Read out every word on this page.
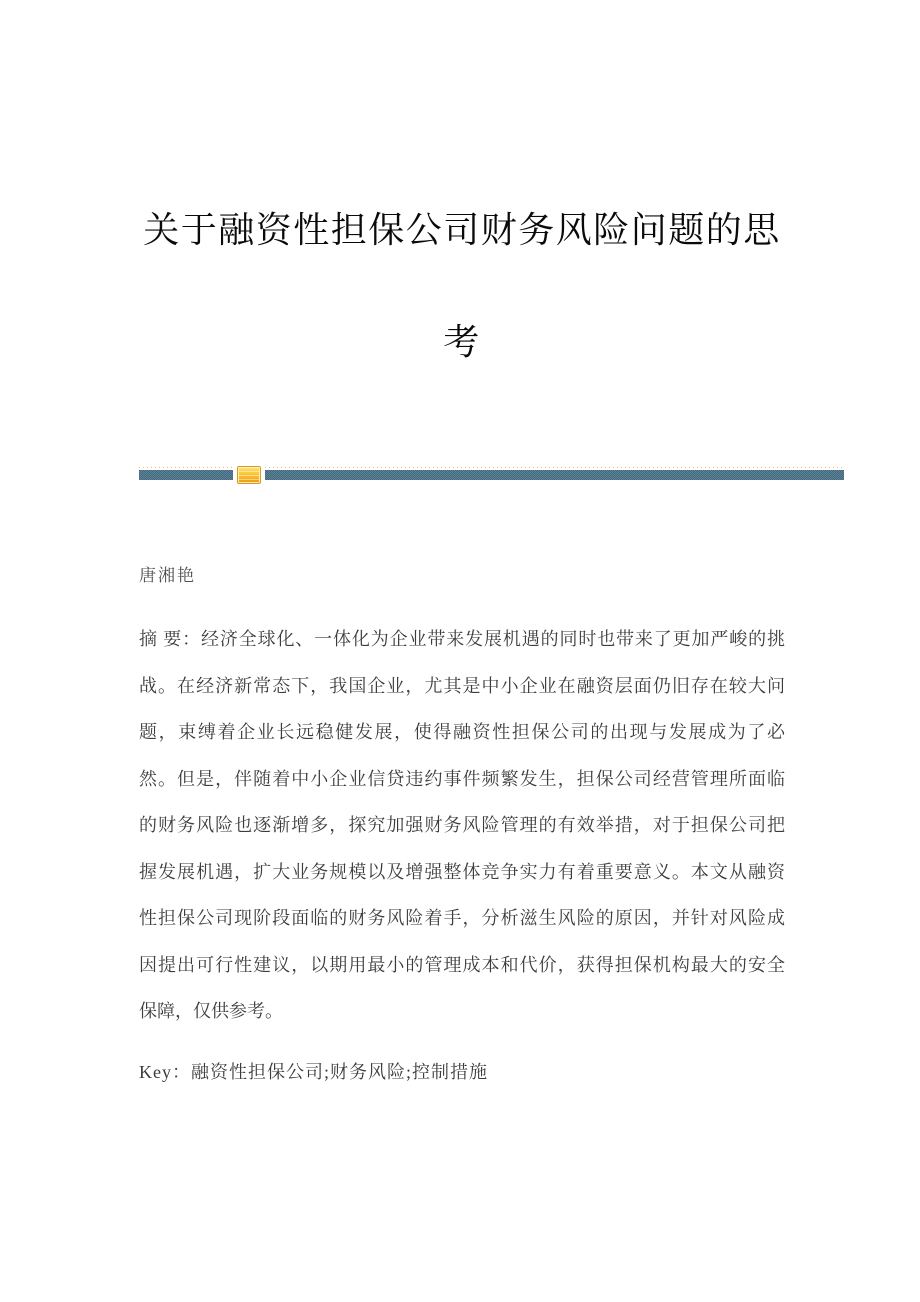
关于融资性担保公司财务风险问题的思考
唐湘艳
摘 要：经济全球化、一体化为企业带来发展机遇的同时也带来了更加严峻的挑
战。在经济新常态下，我国企业，尤其是中小企业在融资层面仍旧存在较大问
题，束缚着企业长远稳健发展，使得融资性担保公司的出现与发展成为了必
然。但是，伴随着中小企业信贷违约事件频繁发生，担保公司经营管理所面临
的财务风险也逐渐增多，探究加强财务风险管理的有效举措，对于担保公司把
握发展机遇，扩大业务规模以及增强整体竞争实力有着重要意义。本文从融资
性担保公司现阶段面临的财务风险着手，分析滋生风险的原因，并针对风险成
因提出可行性建议，以期用最小的管理成本和代价，获得担保机构最大的安全
保障，仅供参考。
Key：融资性担保公司;财务风险;控制措施
